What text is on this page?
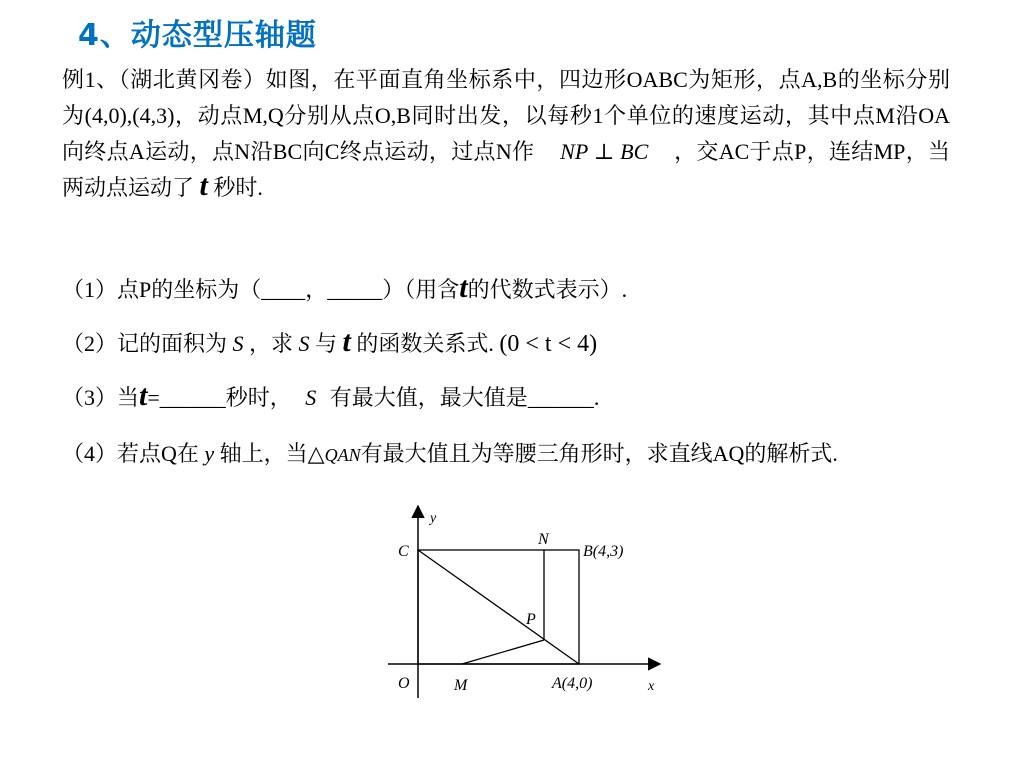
4、动态型压轴题
例1、（湖北黄冈卷）如图，在平面直角坐标系中，四边形OABC为矩形，点A,B的坐标分别为(4,0),(4,3)，动点M,Q分别从点O,B同时出发，以每秒1个单位的速度运动，其中点M沿OA向终点A运动，点N沿BC向C终点运动，过点N作 NP ⊥ BC ，交AC于点P，连结MP，当两动点运动了 t 秒时.
（1）点P的坐标为（____，_____）（用含t的代数式表示）.
（2）记的面积为 S ，求 S 与 t 的函数关系式. (0 < t < 4)
（3）当t=______秒时， S 有最大值，最大值是______.
（4）若点Q在 y 轴上，当△QAN有最大值且为等腰三角形时，求直线AQ的解析式.
y
x
O
C
N
B(4,3)
P
M	A(4,0)
